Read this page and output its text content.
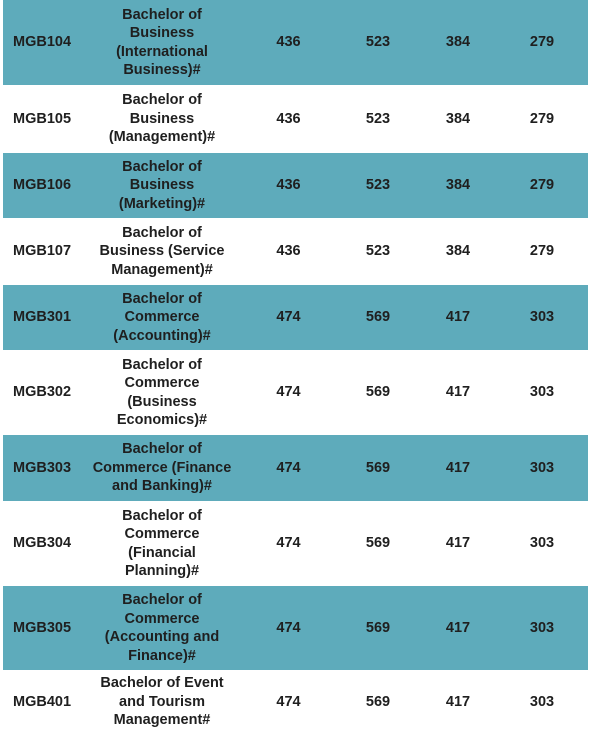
MGB104
Bachelor of
Business
(International
Business)#
436	523	384	279
MGB105
Bachelor of
Business
(Management)#
436	523	384	279
MGB106
Bachelor of
Business
(Marketing)#
436	523	384	279
MGB107
Bachelor of
Business (Service
Management)#
436	523	384	279
MGB301
Bachelor of
Commerce
(Accounting)#
474	569	417	303
MGB302
Bachelor of
Commerce
(Business
Economics)#
474	569	417	303
MGB303
Bachelor of
Commerce (Finance
and Banking)#
474	569	417	303
MGB304
Bachelor of
Commerce
(Financial
Planning)#
474	569	417	303
MGB305
Bachelor of
Commerce
(Accounting and
Finance)#
474	569	417	303
MGB401
Bachelor of Event
and Tourism
Management#
474	569	417	303
